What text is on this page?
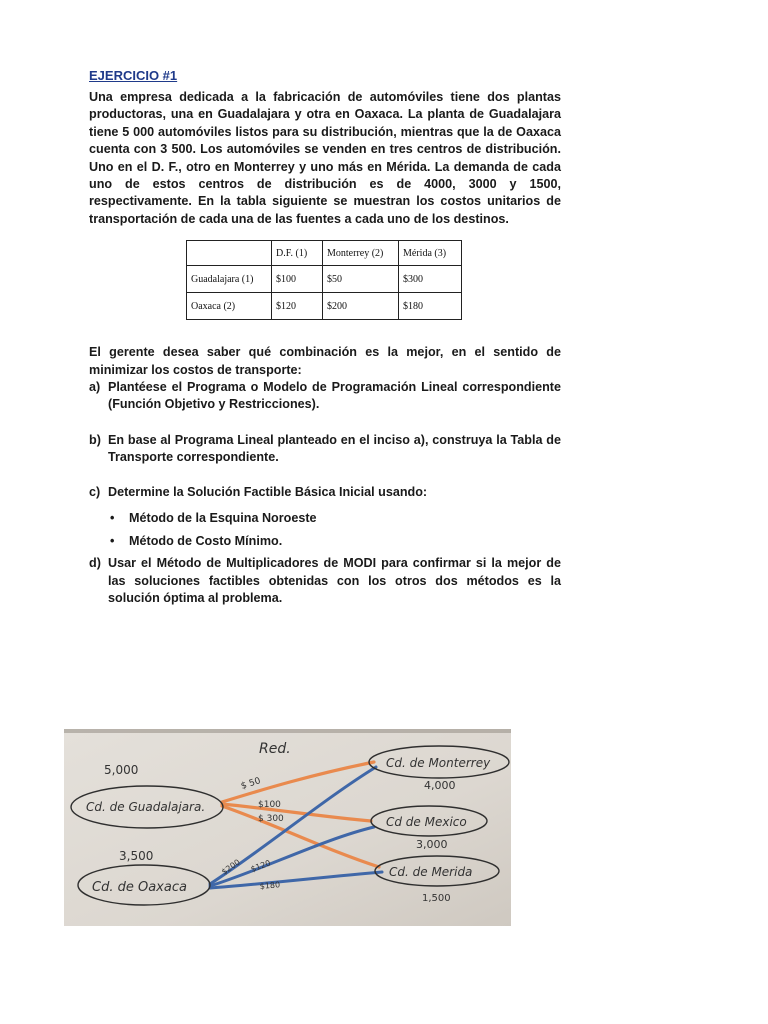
EJERCICIO #1

Una empresa dedicada a la fabricación de automóviles tiene dos plantas productoras, una en Guadalajara y otra en Oaxaca. La planta de Guadalajara tiene 5 000 automóviles listos para su distribución, mientras que la de Oaxaca cuenta con 3 500. Los automóviles se venden en tres centros de distribución. Uno en el D. F., otro en Monterrey y uno más en Mérida. La demanda de cada uno de estos centros de distribución es de 4000, 3000 y 1500, respectivamente. En la tabla siguiente se muestran los costos unitarios de transportación de cada una de las fuentes a cada uno de los destinos.

	D.F. (1)	Monterrey (2)	Mérida (3)
Guadalajara (1)	$100	$50	$300
Oaxaca (2)	$120	$200	$180

El gerente desea saber qué combinación es la mejor, en el sentido de minimizar los costos de transporte:

a) Plantéese el Programa o Modelo de Programación Lineal correspondiente (Función Objetivo y Restricciones).
b) En base al Programa Lineal planteado en el inciso a), construya la Tabla de Transporte correspondiente.
c) Determine la Solución Factible Básica Inicial usando:
•	Método de la Esquina Noroeste
•	Método de Costo Mínimo.
d) Usar el Método de Multiplicadores de MODI para confirmar si la mejor de las soluciones factibles obtenidas con los otros dos métodos es la solución óptima al problema.
Red.
5,000
Cd. de Guadalajara.
3,500
Cd. de Oaxaca
Cd. de Monterrey
4,000
Cd de Mexico
3,000
Cd. de Merida
1,500
$ 50
$100
$ 300
$200 $120
$180
